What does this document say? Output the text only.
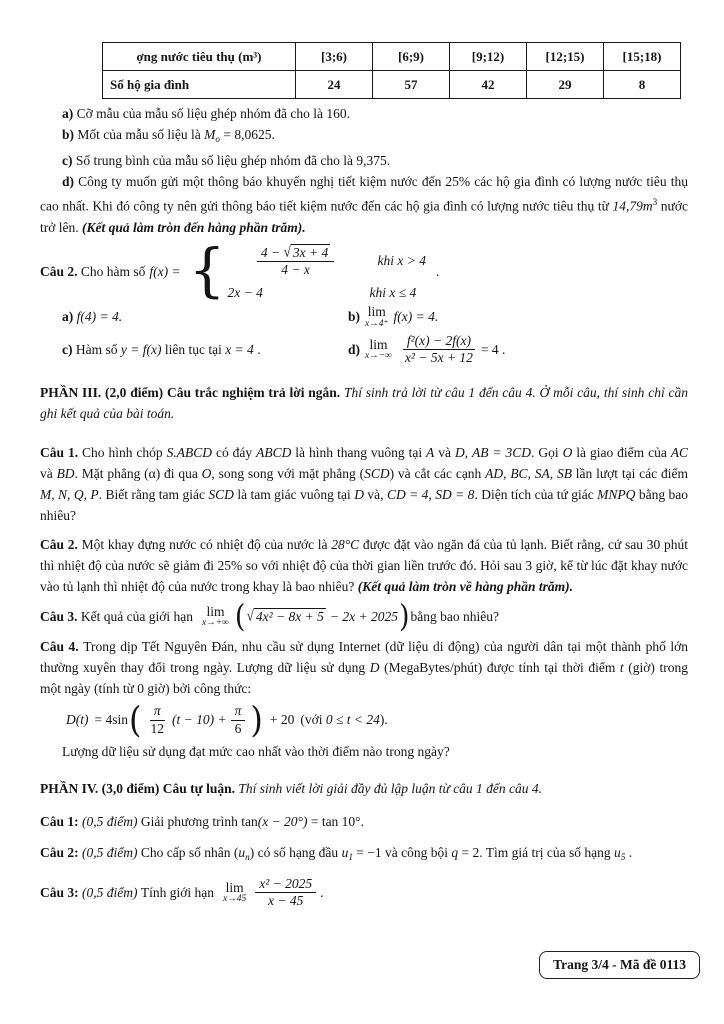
ợng nước tiêu thụ (m³)	[3;6)	[6;9)	[9;12)	[12;15)	[15;18)
Số hộ gia đình	24	57	42	29	8

a) Cỡ mẫu của mẫu số liệu ghép nhóm đã cho là 160.

b) Mốt của mẫu số liệu là $M_o = 8,0625$.

c) Số trung bình của mẫu số liệu ghép nhóm đã cho là 9,375.

d) Công ty muốn gửi một thông báo khuyến nghị tiết kiệm nước đến 25% các hộ gia đình có lượng nước tiêu thụ cao nhất. Khi đó công ty nên gửi thông báo tiết kiệm nước đến các hộ gia đình có lượng nước tiêu thụ từ $14,79m^3$ nước trở lên. (Kết quả làm tròn đến hàng phần trăm).

Câu 2. Cho hàm số f(x) = { $\frac{4 - √ 3x + 4}{4 - x}$ khi x > 4
2x − 4	khi x ≤ 4
.
a) f(4) = 4.	b) lim
x→4⁺ f(x) = 4.
c) Hàm số y = f(x) liên tục tại x = 4 .	d) lim
$x\to-\infty \frac{\text{f²(x) − 2f(x)}}{\text{x² − 5x + 12}} = 4$ .

PHẦN III. (2,0 điểm) Câu trắc nghiệm trả lời ngắn. Thí sinh trả lời từ câu 1 đến câu 4. Ở mỗi câu, thí sinh chỉ cần ghi kết quả của bài toán.

Câu 1. Cho hình chóp S.ABCD có đáy ABCD là hình thang vuông tại A và D, AB = 3CD. Gọi O là giao điểm của AC và BD. Mặt phẳng (α) đi qua O, song song với mặt phẳng (SCD) và cắt các cạnh AD, BC, SA, SB lần lượt tại các điểm M, N, Q, P. Biết rằng tam giác SCD là tam giác vuông tại D và, CD = 4, SD = 8. Diện tích của tứ giác MNPQ bằng bao nhiêu?

Câu 2. Một khay đựng nước có nhiệt độ của nước là 28°C được đặt vào ngăn đá của tủ lạnh. Biết rằng, cứ sau 30 phút thì nhiệt độ của nước sẽ giảm đi 25% so với nhiệt độ của thời gian liền trước đó. Hỏi sau 3 giờ, kể từ lúc đặt khay nước vào tủ lạnh thì nhiệt độ của nước trong khay là bao nhiêu? (Kết quả làm tròn về hàng phần trăm).

Câu 3. Kết quả của giới hạn lim
x→+∞ ( √ 4x² − 8x + 5 − 2x + 2025 ) bằng bao nhiêu?

Câu 4. Trong dịp Tết Nguyên Đán, nhu cầu sử dụng Internet (dữ liệu di động) của người dân tại một thành phố lớn thường xuyên thay đổi trong ngày. Lượng dữ liệu sử dụng D (MegaBytes/phút) được tính tại thời điểm t (giờ) trong một ngày (tính từ 0 giờ) bởi công thức:

D(t) = 4sin ( $\frac{\pi}{12} (t - 10) + \frac{\pi}{6}$ ) + 20 (với 0 ≤ t < 24).

Lượng dữ liệu sử dụng đạt mức cao nhất vào thời điểm nào trong ngày?

PHẦN IV. (3,0 điểm) Câu tự luận. Thí sinh viết lời giải đầy đủ lập luận từ câu 1 đến câu 4.

Câu 1: (0,5 điểm) Giải phương trình tan(x − 20°) = tan 10°.

Câu 2: (0,5 điểm) Cho cấp số nhân $(u_n)$ có số hạng đầu $u_1 = -1$ và công bội q = 2. Tìm giá trị của số hạng $u_5$ .

Câu 3: (0,5 điểm) Tính giới hạn lim
$x\to 45 \frac{\text{x² − 2025}}{x - 45}$ .
Trang 3/4 - Mã đề 0113
